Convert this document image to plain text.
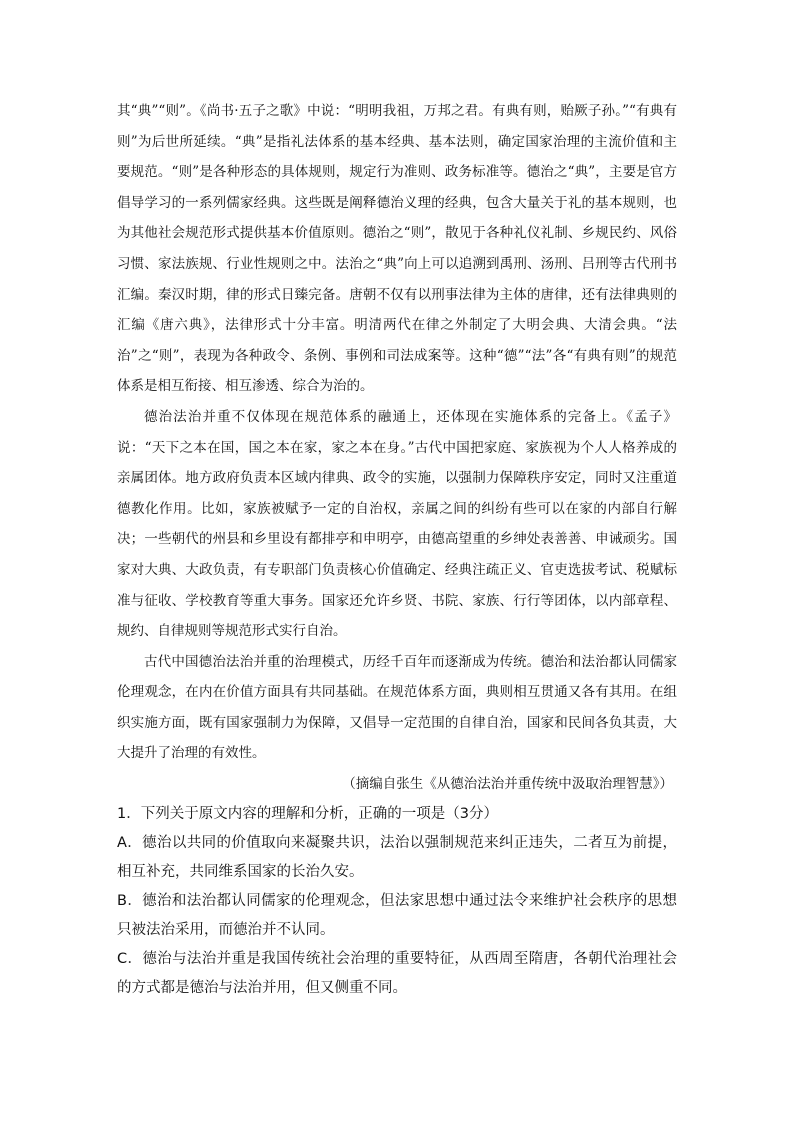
其“典”“则”。《尚书·五子之歌》中说：“明明我祖，万邦之君。有典有则，贻厥子孙。”“有典有则”为后世所延续。“典”是指礼法体系的基本经典、基本法则，确定国家治理的主流价值和主要规范。“则”是各种形态的具体规则，规定行为准则、政务标准等。德治之“典”，主要是官方倡导学习的一系列儒家经典。这些既是阐释德治义理的经典，包含大量关于礼的基本规则，也为其他社会规范形式提供基本价值原则。德治之“则”，散见于各种礼仪礼制、乡规民约、风俗习惯、家法族规、行业性规则之中。法治之“典”向上可以追溯到禹刑、汤刑、吕刑等古代刑书汇编。秦汉时期，律的形式日臻完备。唐朝不仅有以刑事法律为主体的唐律，还有法律典则的汇编《唐六典》，法律形式十分丰富。明清两代在律之外制定了大明会典、大清会典。“法治”之“则”，表现为各种政令、条例、事例和司法成案等。这种“德”“法”各“有典有则”的规范体系是相互衔接、相互渗透、综合为治的。

德治法治并重不仅体现在规范体系的融通上，还体现在实施体系的完备上。《孟子》说：“天下之本在国，国之本在家，家之本在身。”古代中国把家庭、家族视为个人人格养成的亲属团体。地方政府负责本区域内律典、政令的实施，以强制力保障秩序安定，同时又注重道德教化作用。比如，家族被赋予一定的自治权，亲属之间的纠纷有些可以在家的内部自行解决；一些朝代的州县和乡里设有都排亭和申明亭，由德高望重的乡绅处表善善、申诫顽劣。国家对大典、大政负责，有专职部门负责核心价值确定、经典注疏正义、官吏选拔考试、税赋标准与征收、学校教育等重大事务。国家还允许乡贤、书院、家族、行行等团体，以内部章程、规约、自律规则等规范形式实行自治。

古代中国德治法治并重的治理模式，历经千百年而逐渐成为传统。德治和法治都认同儒家伦理观念，在内在价值方面具有共同基础。在规范体系方面，典则相互贯通又各有其用。在组织实施方面，既有国家强制力为保障，又倡导一定范围的自律自治，国家和民间各负其责，大大提升了治理的有效性。

（摘编自张生《从德治法治并重传统中汲取治理智慧》）

1．下列关于原文内容的理解和分析，正确的一项是（3分）

A．德治以共同的价值取向来凝聚共识，法治以强制规范来纠正违失，二者互为前提，相互补充，共同维系国家的长治久安。

B．德治和法治都认同儒家的伦理观念，但法家思想中通过法令来维护社会秩序的思想只被法治采用，而德治并不认同。

C．德治与法治并重是我国传统社会治理的重要特征，从西周至隋唐，各朝代治理社会的方式都是德治与法治并用，但又侧重不同。
